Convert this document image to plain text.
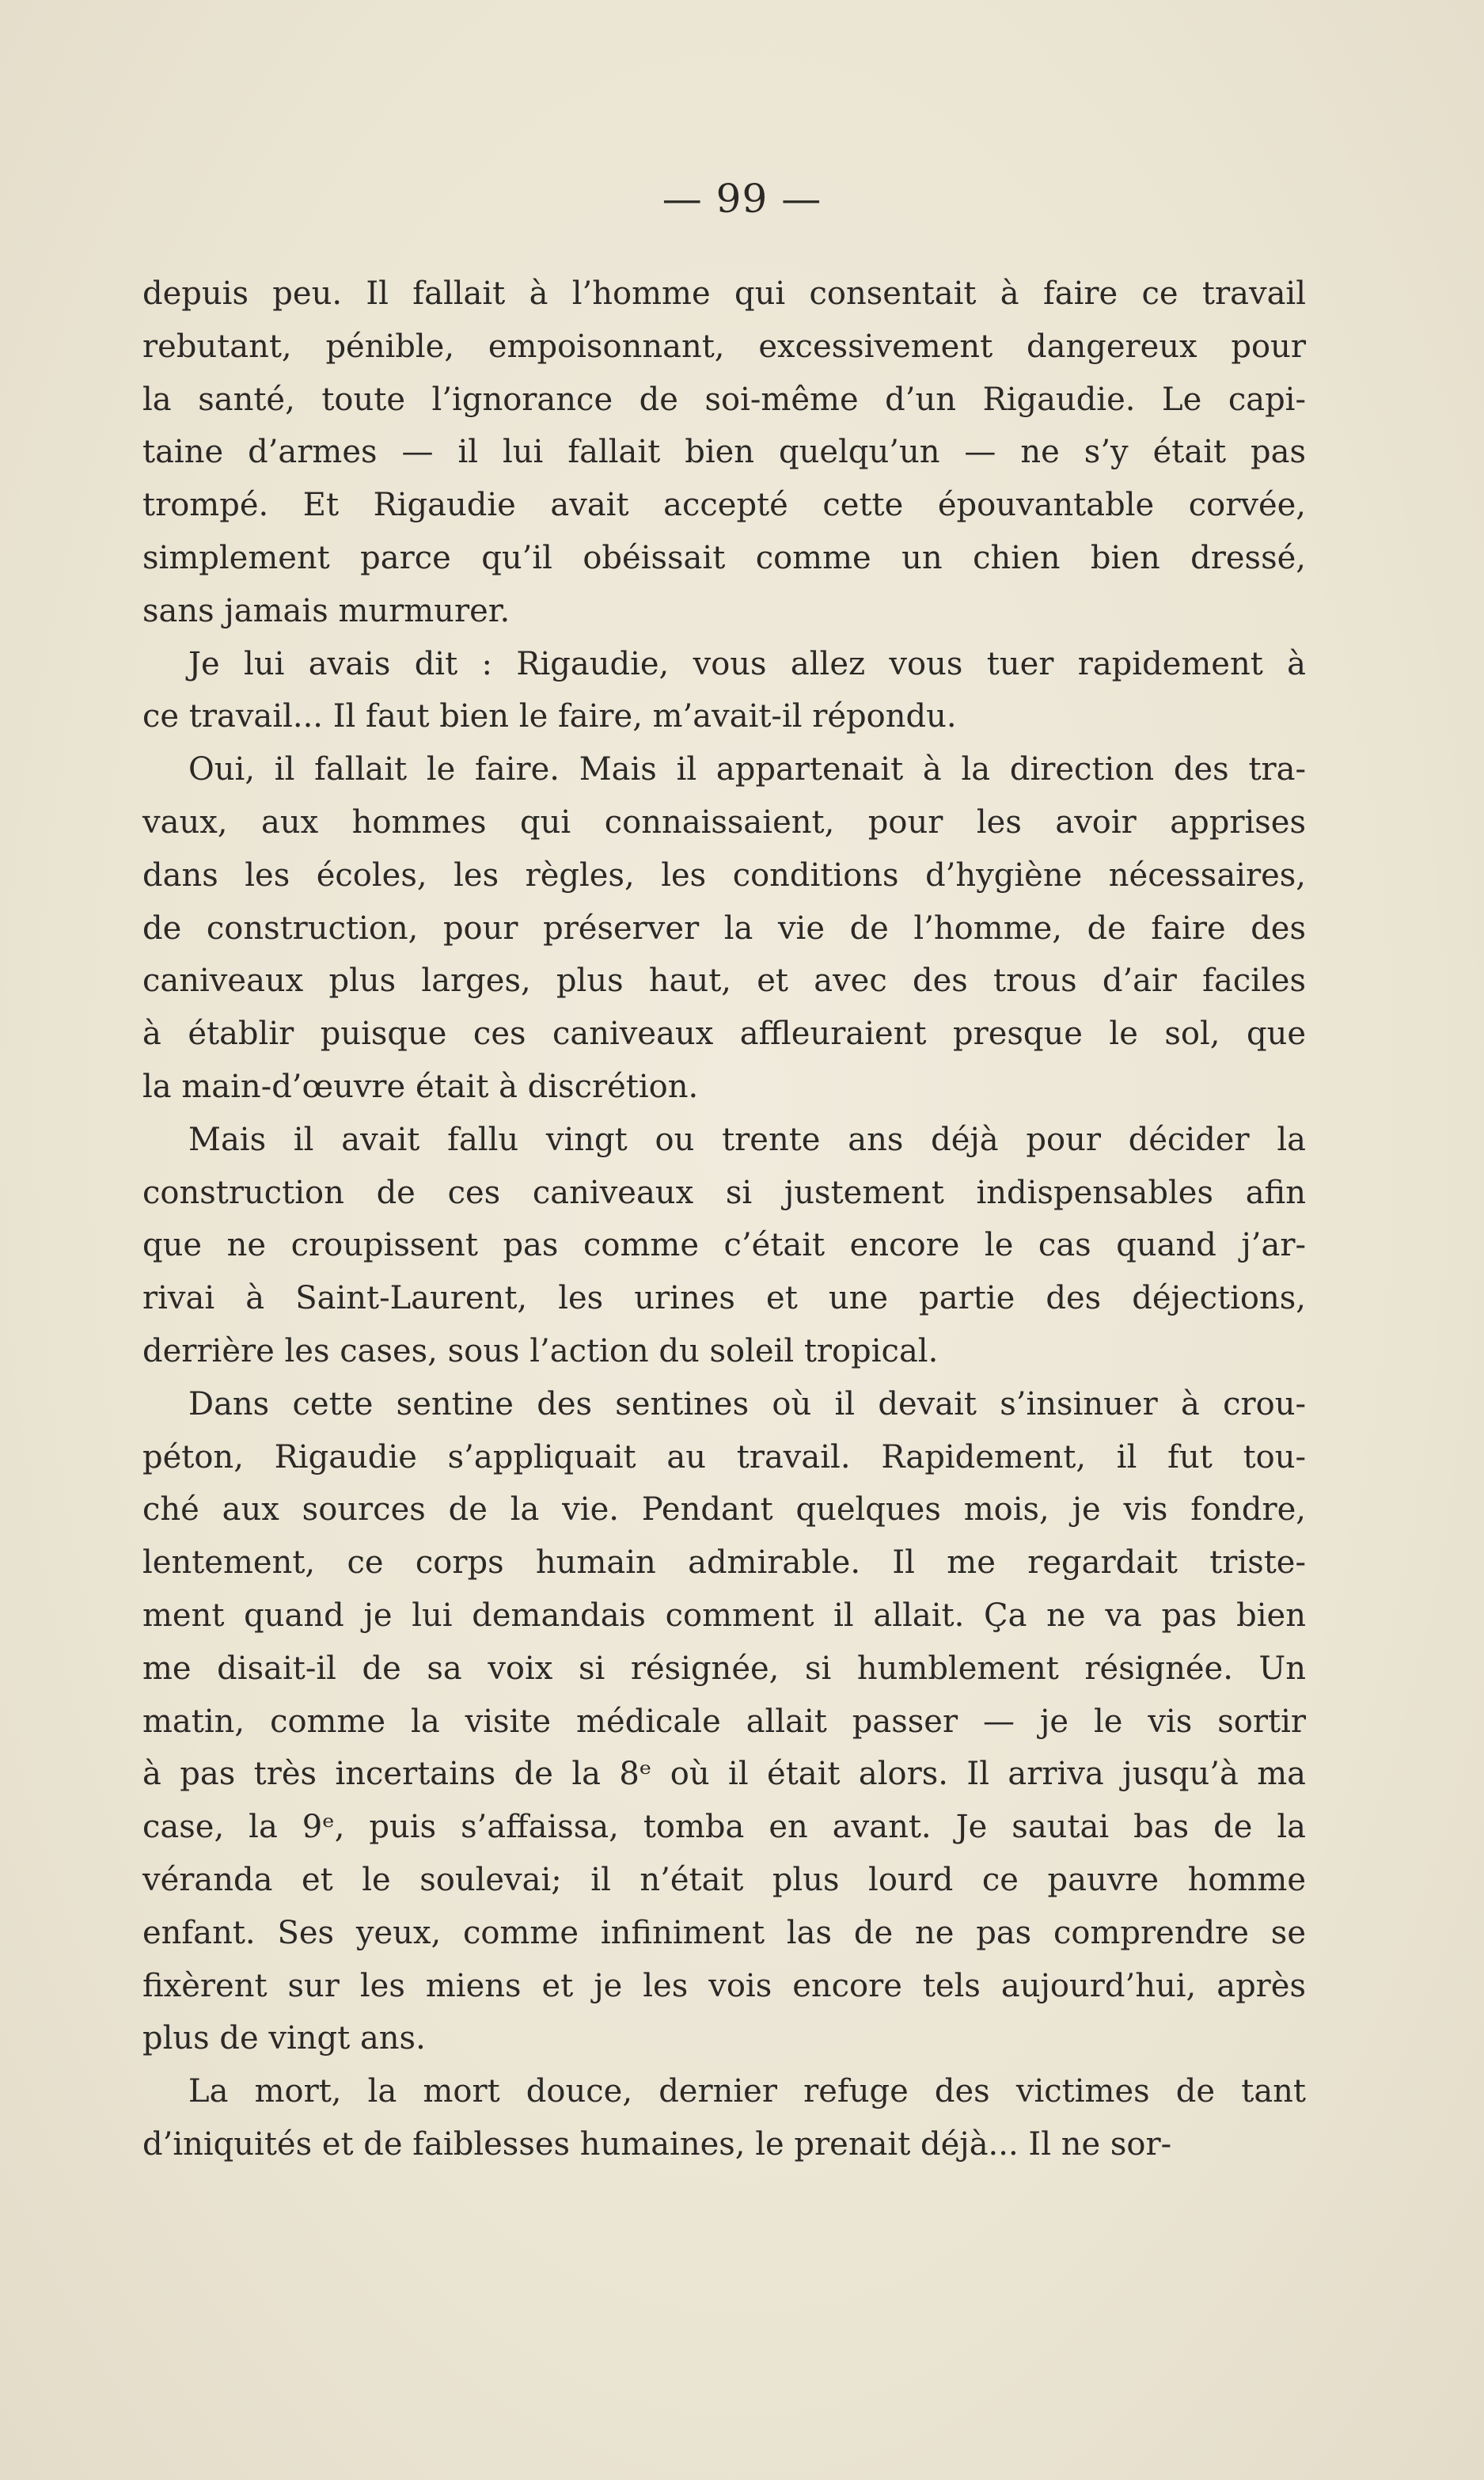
— 99 —

depuis peu. Il fallait à l’homme qui consentait à faire ce travail
rebutant, pénible, empoisonnant, excessivement dangereux pour
la santé, toute l’ignorance de soi-même d’un Rigaudie. Le capi-
taine d’armes — il lui fallait bien quelqu’un — ne s’y était pas
trompé. Et Rigaudie avait accepté cette épouvantable corvée,
simplement parce qu’il obéissait comme un chien bien dressé,
sans jamais murmurer.

Je lui avais dit : Rigaudie, vous allez vous tuer rapidement à
ce travail... Il faut bien le faire, m’avait-il répondu.

Oui, il fallait le faire. Mais il appartenait à la direction des tra-
vaux, aux hommes qui connaissaient, pour les avoir apprises
dans les écoles, les règles, les conditions d’hygiène nécessaires,
de construction, pour préserver la vie de l’homme, de faire des
caniveaux plus larges, plus haut, et avec des trous d’air faciles
à établir puisque ces caniveaux affleuraient presque le sol, que
la main-d’œuvre était à discrétion.

Mais il avait fallu vingt ou trente ans déjà pour décider la
construction de ces caniveaux si justement indispensables afin
que ne croupissent pas comme c’était encore le cas quand j’ar-
rivai à Saint-Laurent, les urines et une partie des déjections,
derrière les cases, sous l’action du soleil tropical.

Dans cette sentine des sentines où il devait s’insinuer à crou-
péton, Rigaudie s’appliquait au travail. Rapidement, il fut tou-
ché aux sources de la vie. Pendant quelques mois, je vis fondre,
lentement, ce corps humain admirable. Il me regardait triste-
ment quand je lui demandais comment il allait. Ça ne va pas bien
me disait-il de sa voix si résignée, si humblement résignée. Un
matin, comme la visite médicale allait passer — je le vis sortir
à pas très incertains de la 8ᵉ où il était alors. Il arriva jusqu’à ma
case, la 9ᵉ, puis s’affaissa, tomba en avant. Je sautai bas de la
véranda et le soulevai; il n’était plus lourd ce pauvre homme
enfant. Ses yeux, comme infiniment las de ne pas comprendre se
fixèrent sur les miens et je les vois encore tels aujourd’hui, après
plus de vingt ans.

La mort, la mort douce, dernier refuge des victimes de tant
d’iniquités et de faiblesses humaines, le prenait déjà... Il ne sor-
